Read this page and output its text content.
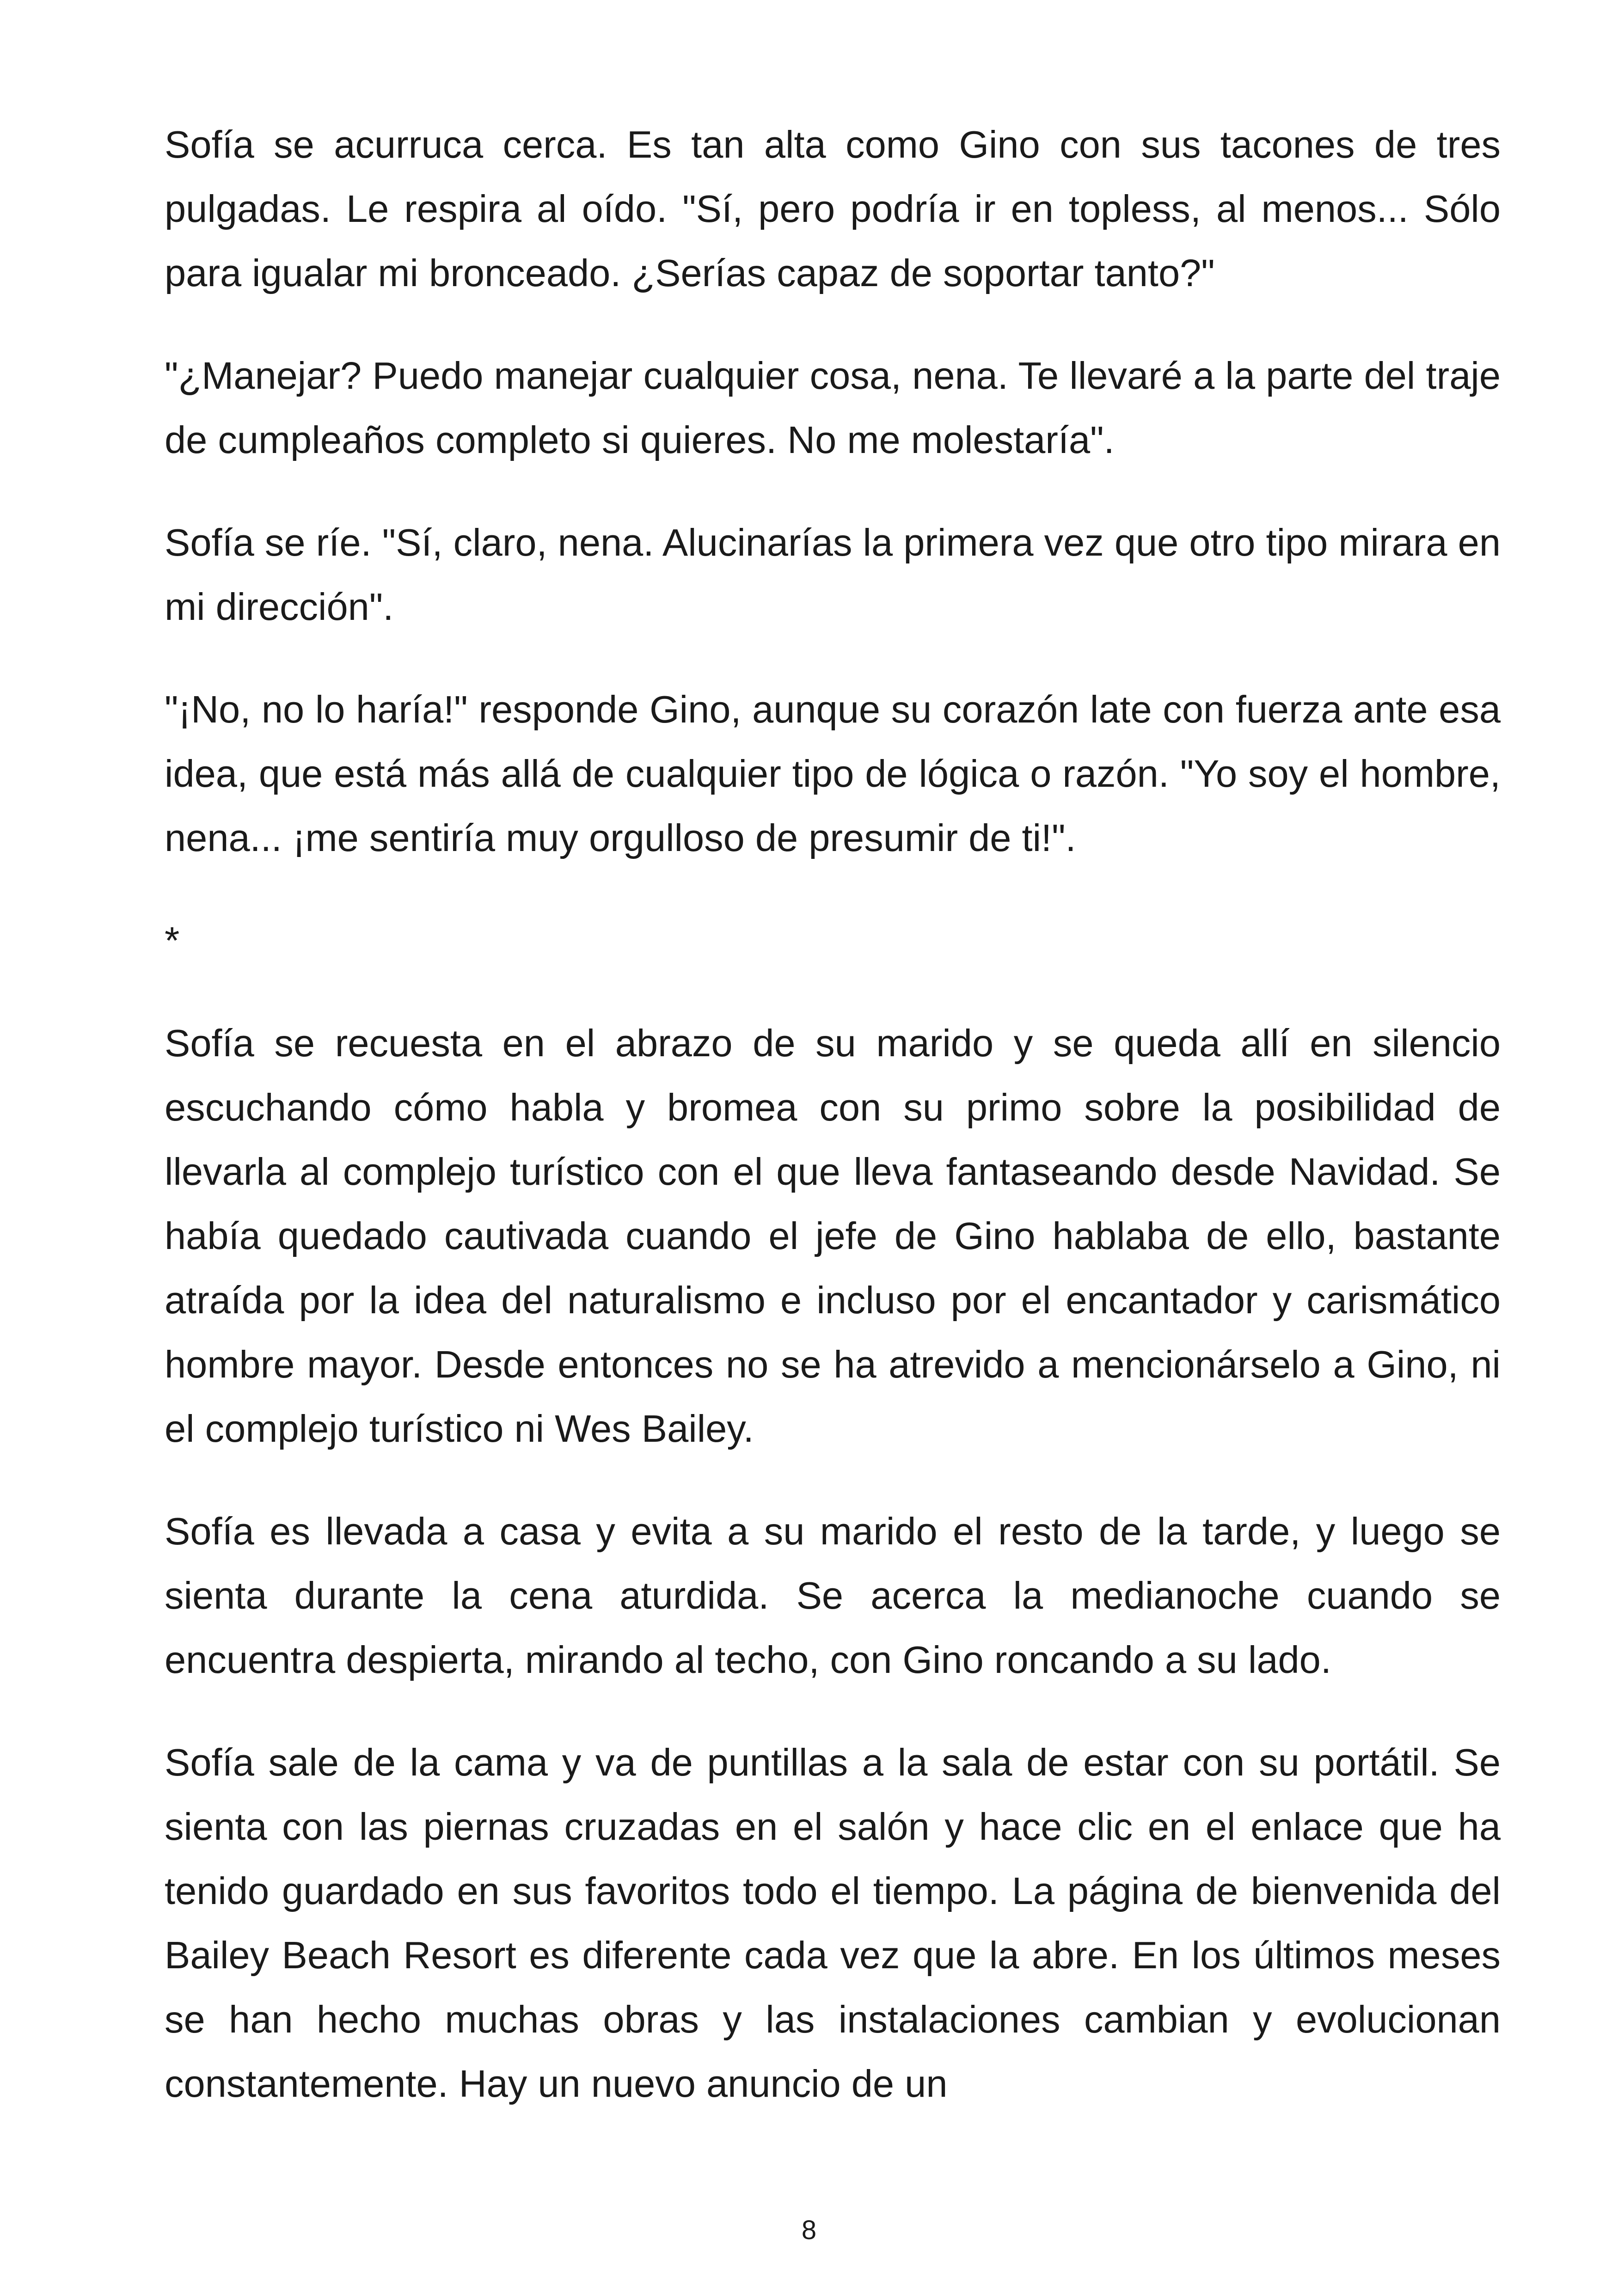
Sofía se acurruca cerca. Es tan alta como Gino con sus tacones de tres pulgadas. Le respira al oído. "Sí, pero podría ir en topless, al menos... Sólo para igualar mi bronceado. ¿Serías capaz de soportar tanto?"

"¿Manejar? Puedo manejar cualquier cosa, nena. Te llevaré a la parte del traje de cumpleaños completo si quieres. No me molestaría".

Sofía se ríe. "Sí, claro, nena. Alucinarías la primera vez que otro tipo mirara en mi dirección".

"¡No, no lo haría!" responde Gino, aunque su corazón late con fuerza ante esa idea, que está más allá de cualquier tipo de lógica o razón. "Yo soy el hombre, nena... ¡me sentiría muy orgulloso de presumir de ti!".

*

Sofía se recuesta en el abrazo de su marido y se queda allí en silencio escuchando cómo habla y bromea con su primo sobre la posibilidad de llevarla al complejo turístico con el que lleva fantaseando desde Navidad. Se había quedado cautivada cuando el jefe de Gino hablaba de ello, bastante atraída por la idea del naturalismo e incluso por el encantador y carismático hombre mayor. Desde entonces no se ha atrevido a mencionárselo a Gino, ni el complejo turístico ni Wes Bailey.

Sofía es llevada a casa y evita a su marido el resto de la tarde, y luego se sienta durante la cena aturdida. Se acerca la medianoche cuando se encuentra despierta, mirando al techo, con Gino roncando a su lado.

Sofía sale de la cama y va de puntillas a la sala de estar con su portátil. Se sienta con las piernas cruzadas en el salón y hace clic en el enlace que ha tenido guardado en sus favoritos todo el tiempo. La página de bienvenida del Bailey Beach Resort es diferente cada vez que la abre. En los últimos meses se han hecho muchas obras y las instalaciones cambian y evolucionan constantemente. Hay un nuevo anuncio de un

8
